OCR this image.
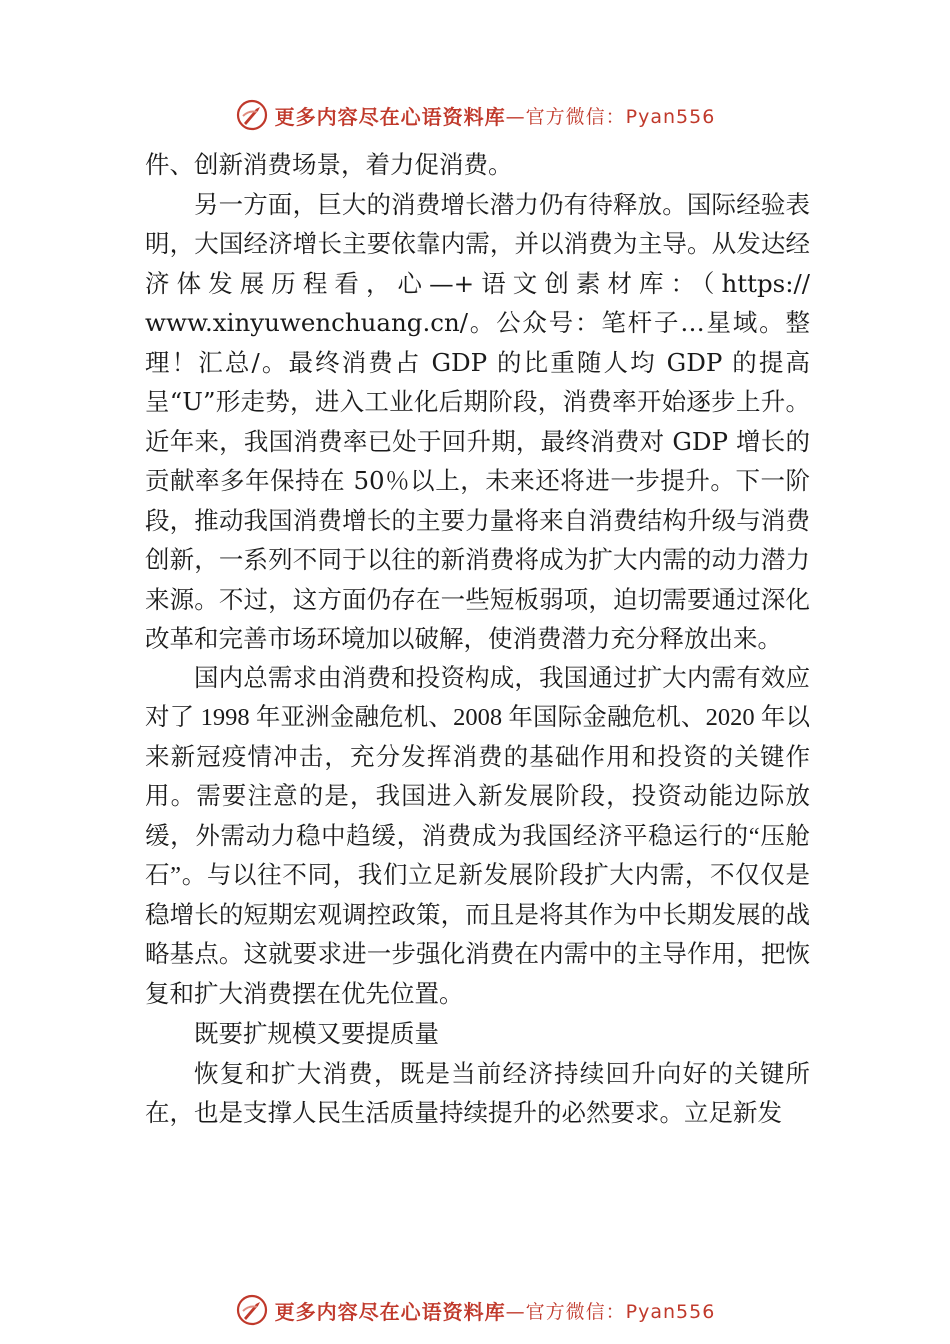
更多内容尽在心语资料库 —官方微信：Pyan556

件、创新消费场景，着力促消费。

另一方面，巨大的消费增长潜力仍有待释放。国际经验表明，大国经济增长主要依靠内需，并以消费为主导。从发达经济体发展历程看，心—+语文创素材库：（https:// www.xinyuwenchuang.cn/。公众号：笔杆子…星域。整理！汇总/。最终消费占 GDP 的比重随人均 GDP 的提高呈“U”形走势，进入工业化后期阶段，消费率开始逐步上升。近年来，我国消费率已处于回升期，最终消费对 GDP 增长的贡献率多年保持在 50％以上，未来还将进一步提升。下一阶段，推动我国消费增长的主要力量将来自消费结构升级与消费创新，一系列不同于以往的新消费将成为扩大内需的动力潜力来源。不过，这方面仍存在一些短板弱项，迫切需要通过深化改革和完善市场环境加以破解，使消费潜力充分释放出来。

国内总需求由消费和投资构成，我国通过扩大内需有效应对了 1998 年亚洲金融危机、2008 年国际金融危机、2020 年以来新冠疫情冲击，充分发挥消费的基础作用和投资的关键作用。需要注意的是，我国进入新发展阶段，投资动能边际放缓，外需动力稳中趋缓，消费成为我国经济平稳运行的“压舱石”。与以往不同，我们立足新发展阶段扩大内需，不仅仅是稳增长的短期宏观调控政策，而且是将其作为中长期发展的战略基点。这就要求进一步强化消费在内需中的主导作用，把恢复和扩大消费摆在优先位置。

既要扩规模又要提质量

恢复和扩大消费，既是当前经济持续回升向好的关键所在，也是支撑人民生活质量持续提升的必然要求。立足新发

更多内容尽在心语资料库 —官方微信：Pyan556
